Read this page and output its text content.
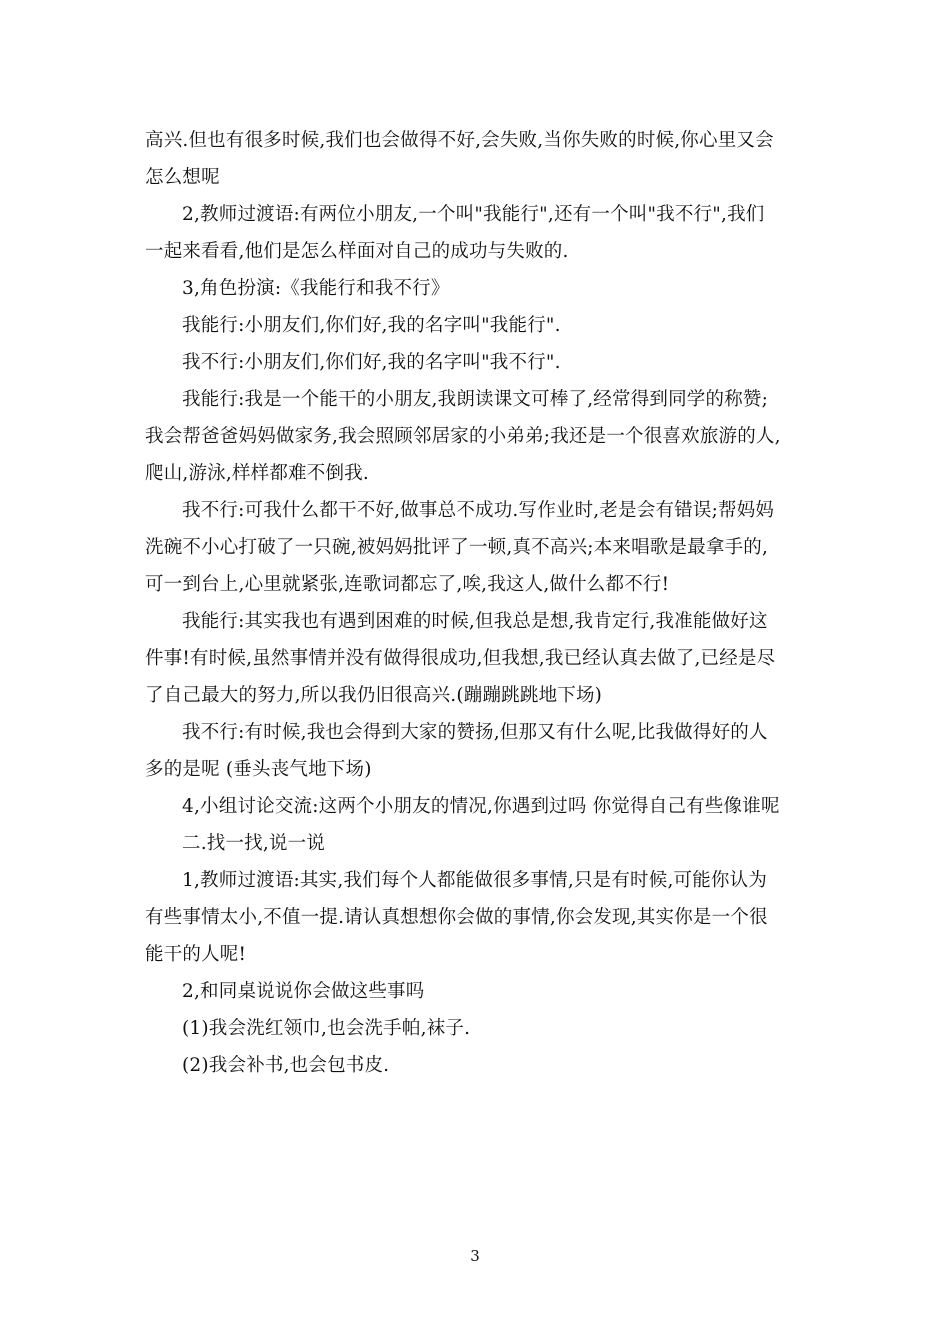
高兴.但也有很多时候,我们也会做得不好,会失败,当你失败的时候,你心里又会
怎么想呢
2,教师过渡语:有两位小朋友,一个叫"我能行",还有一个叫"我不行",我们
一起来看看,他们是怎么样面对自己的成功与失败的.
3,角色扮演:《我能行和我不行》
我能行:小朋友们,你们好,我的名字叫"我能行".
我不行:小朋友们,你们好,我的名字叫"我不行".
我能行:我是一个能干的小朋友,我朗读课文可棒了,经常得到同学的称赞;
我会帮爸爸妈妈做家务,我会照顾邻居家的小弟弟;我还是一个很喜欢旅游的人,
爬山,游泳,样样都难不倒我.
我不行:可我什么都干不好,做事总不成功.写作业时,老是会有错误;帮妈妈
洗碗不小心打破了一只碗,被妈妈批评了一顿,真不高兴;本来唱歌是最拿手的,
可一到台上,心里就紧张,连歌词都忘了,唉,我这人,做什么都不行!
我能行:其实我也有遇到困难的时候,但我总是想,我肯定行,我准能做好这
件事!有时候,虽然事情并没有做得很成功,但我想,我已经认真去做了,已经是尽
了自己最大的努力,所以我仍旧很高兴.(蹦蹦跳跳地下场)
我不行:有时候,我也会得到大家的赞扬,但那又有什么呢,比我做得好的人
多的是呢 (垂头丧气地下场)
4,小组讨论交流:这两个小朋友的情况,你遇到过吗 你觉得自己有些像谁呢
二.找一找,说一说
1,教师过渡语:其实,我们每个人都能做很多事情,只是有时候,可能你认为
有些事情太小,不值一提.请认真想想你会做的事情,你会发现,其实你是一个很
能干的人呢!
2,和同桌说说你会做这些事吗
(1)我会洗红领巾,也会洗手帕,袜子.
(2)我会补书,也会包书皮.
3
